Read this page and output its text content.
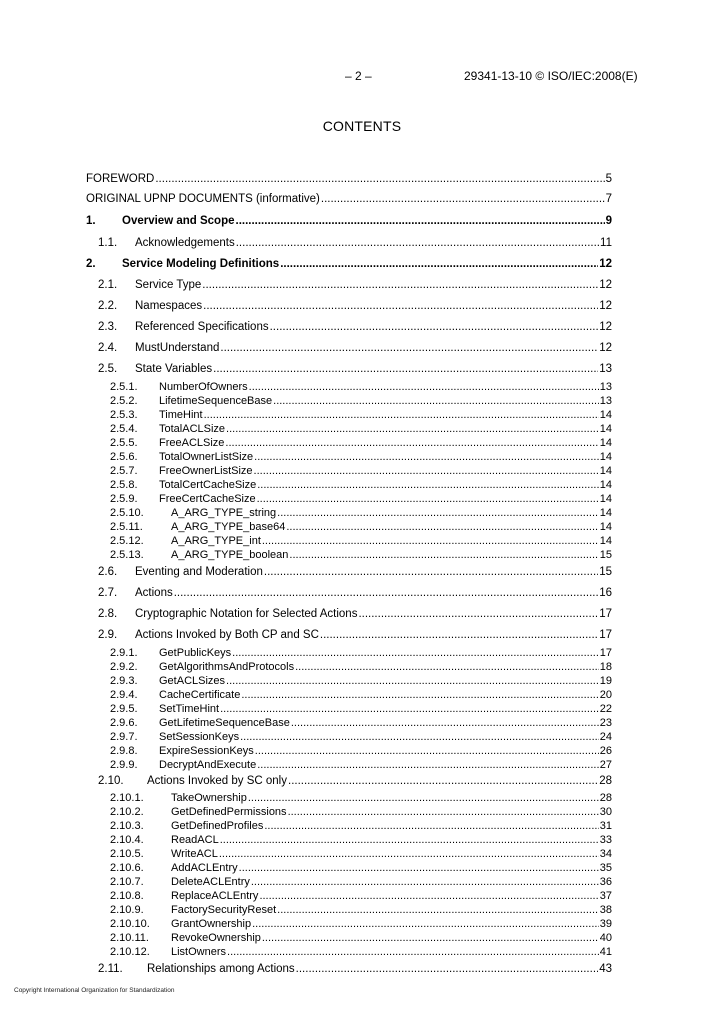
– 2 –	29341-13-10 © ISO/IEC:2008(E)
CONTENTS
FOREWORD .....	5
ORIGINAL UPNP DOCUMENTS (informative) .....	7
1.	Overview and Scope .....	9
1.1.	Acknowledgements .....	11
2.	Service Modeling Definitions .....	12
2.1.	Service Type .....	12
2.2.	Namespaces .....	12
2.3.	Referenced Specifications .....	12
2.4.	MustUnderstand .....	12
2.5.	State Variables .....	13
2.5.1.	NumberOfOwners .....	13
2.5.2.	LifetimeSequenceBase .....	13
2.5.3.	TimeHint .....	14
2.5.4.	TotalACLSize .....	14
2.5.5.	FreeACLSize .....	14
2.5.6.	TotalOwnerListSize .....	14
2.5.7.	FreeOwnerListSize .....	14
2.5.8.	TotalCertCacheSize .....	14
2.5.9.	FreeCertCacheSize .....	14
2.5.10.	A_ARG_TYPE_string .....	14
2.5.11.	A_ARG_TYPE_base64 .....	14
2.5.12.	A_ARG_TYPE_int .....	14
2.5.13.	A_ARG_TYPE_boolean .....	15
2.6.	Eventing and Moderation .....	15
2.7.	Actions .....	16
2.8.	Cryptographic Notation for Selected Actions .....	17
2.9.	Actions Invoked by Both CP and SC .....	17
2.9.1.	GetPublicKeys .....	17
2.9.2.	GetAlgorithmsAndProtocols .....	18
2.9.3.	GetACLSizes .....	19
2.9.4.	CacheCertificate .....	20
2.9.5.	SetTimeHint .....	22
2.9.6.	GetLifetimeSequenceBase .....	23
2.9.7.	SetSessionKeys .....	24
2.9.8.	ExpireSessionKeys .....	26
2.9.9.	DecryptAndExecute .....	27
2.10.	Actions Invoked by SC only .....	28
2.10.1.	TakeOwnership .....	28
2.10.2.	GetDefinedPermissions .....	30
2.10.3.	GetDefinedProfiles .....	31
2.10.4.	ReadACL .....	33
2.10.5.	WriteACL .....	34
2.10.6.	AddACLEntry .....	35
2.10.7.	DeleteACLEntry .....	36
2.10.8.	ReplaceACLEntry .....	37
2.10.9.	FactorySecurityReset .....	38
2.10.10.	GrantOwnership .....	39
2.10.11.	RevokeOwnership .....	40
2.10.12.	ListOwners .....	41
2.11.	Relationships among Actions .....	43
Copyright International Organization for Standardization
